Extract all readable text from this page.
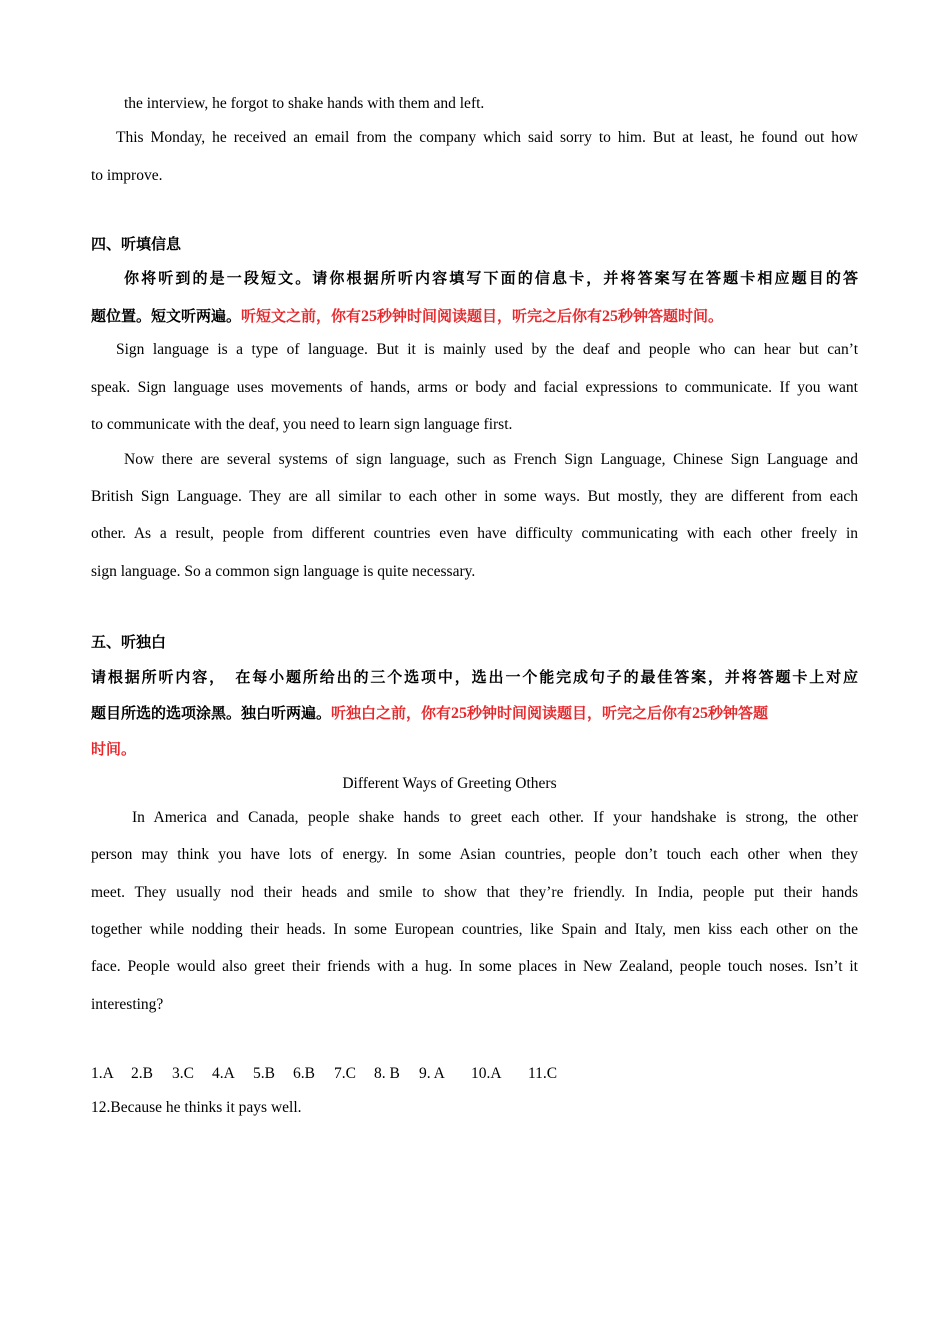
the interview, he forgot to shake hands with them and left.
This Monday, he received an email from the company which said sorry to him. But at least, he found out how
to improve.
四、听填信息
你将听到的是一段短文。请你根据所听内容填写下面的信息卡，并将答案写在答题卡相应题目的答
题位置。短文听两遍。听短文之前，你有25秒钟时间阅读题目，听完之后你有25秒钟答题时间。
Sign language is a type of language. But it is mainly used by the deaf and people who can hear but can’t
speak. Sign language uses movements of hands, arms or body and facial expressions to communicate. If you want
to communicate with the deaf, you need to learn sign language first.
Now there are several systems of sign language, such as French Sign Language, Chinese Sign Language and
British Sign Language. They are all similar to each other in some ways. But mostly, they are different from each
other. As a result, people from different countries even have difficulty communicating with each other freely in
sign language. So a common sign language is quite necessary.
五、听独白
请根据所听内容，　在每小题所给出的三个选项中，选出一个能完成句子的最佳答案，并将答题卡上对应
题目所选的选项涂黑。独白听两遍。听独白之前，你有25秒钟时间阅读题目，听完之后你有25秒钟答题
时间。
Different Ways of Greeting Others
In America and Canada, people shake hands to greet each other. If your handshake is strong, the other
person may think you have lots of energy. In some Asian countries, people don’t touch each other when they
meet. They usually nod their heads and smile to show that they’re friendly. In India, people put their hands
together while nodding their heads. In some European countries, like Spain and Italy, men kiss each other on the
face. People would also greet their friends with a hug. In some places in New Zealand, people touch noses. Isn’t it
interesting?
1.A 2.B 3.C 4.A 5.B 6.B 7.C 8. B 9. A 10.A 11.C
12.Because he thinks it pays well.
